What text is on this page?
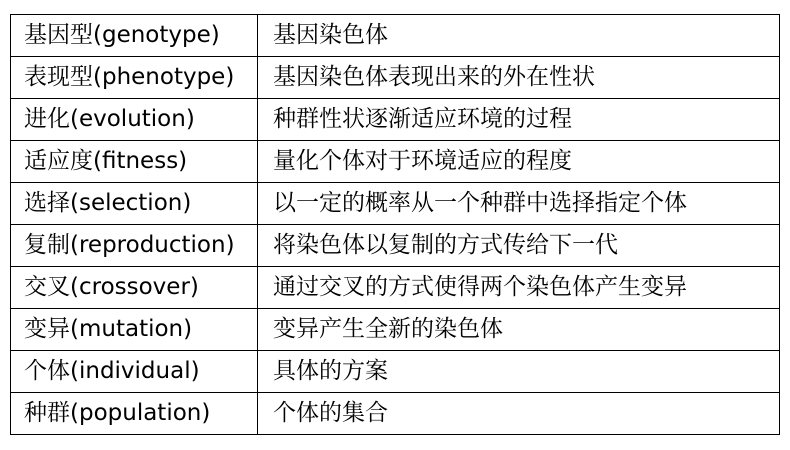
基因型(genotype)	基因染色体
表现型(phenotype)	基因染色体表现出来的外在性状
进化(evolution)	种群性状逐渐适应环境的过程
适应度(fitness)	量化个体对于环境适应的程度
选择(selection)	以一定的概率从一个种群中选择指定个体
复制(reproduction)	将染色体以复制的方式传给下一代
交叉(crossover)	通过交叉的方式使得两个染色体产生变异
变异(mutation)	变异产生全新的染色体
个体(individual)	具体的方案
种群(population)	个体的集合
